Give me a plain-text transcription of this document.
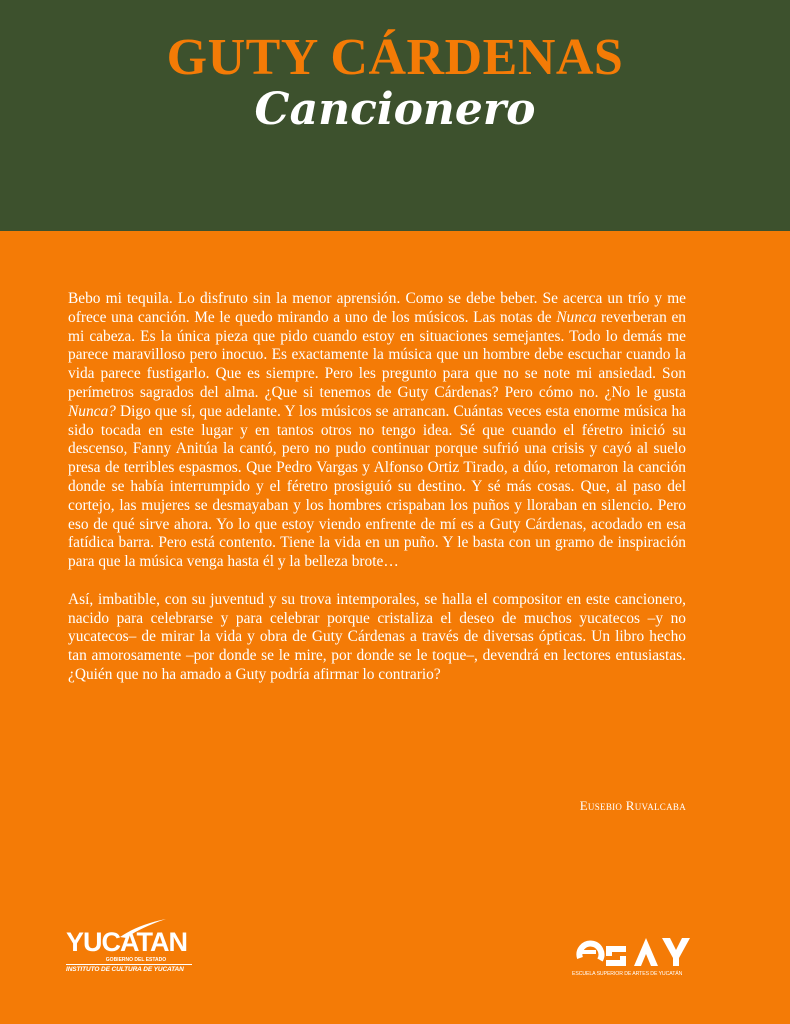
GUTY CÁRDENAS
Cancionero

Bebo mi tequila. Lo disfruto sin la menor aprensión. Como se debe beber. Se acerca un trío y me ofrece una canción. Me le quedo mirando a uno de los músicos. Las notas de Nunca reverberan en mi cabeza. Es la única pieza que pido cuando estoy en situaciones semejantes. Todo lo demás me parece maravilloso pero inocuo. Es exactamente la música que un hombre debe escuchar cuando la vida parece fustigarlo. Que es siempre. Pero les pregunto para que no se note mi ansiedad. Son perímetros sagrados del alma. ¿Que si tenemos de Guty Cárdenas? Pero cómo no. ¿No le gusta Nunca? Digo que sí, que adelante. Y los músicos se arrancan. Cuántas veces esta enorme música ha sido tocada en este lugar y en tantos otros no tengo idea. Sé que cuando el féretro inició su descenso, Fanny Anitúa la cantó, pero no pudo continuar porque sufrió una crisis y cayó al suelo presa de terribles espasmos. Que Pedro Vargas y Alfonso Ortiz Tirado, a dúo, retomaron la canción donde se había interrumpido y el féretro prosiguió su destino. Y sé más cosas. Que, al paso del cortejo, las mujeres se desmayaban y los hombres crispaban los puños y lloraban en silencio. Pero eso de qué sirve ahora. Yo lo que estoy viendo enfrente de mí es a Guty Cárdenas, acodado en esa fatídica barra. Pero está contento. Tiene la vida en un puño. Y le basta con un gramo de inspiración para que la música venga hasta él y la belleza brote…

Así, imbatible, con su juventud y su trova intemporales, se halla el compositor en este cancionero, nacido para celebrarse y para celebrar porque cristaliza el deseo de muchos yucatecos –y no yucatecos– de mirar la vida y obra de Guty Cárdenas a través de diversas ópticas. Un libro hecho tan amorosamente –por donde se le mire, por donde se le toque–, devendrá en lectores entusiastas. ¿Quién que no ha amado a Guty podría afirmar lo contrario?

Eusebio Ruvalcaba
YUCATAN
GOBIERNO DEL ESTADO
INSTITUTO DE CULTURA DE YUCATAN
ESCUELA SUPERIOR DE ARTES DE YUCATÁN
